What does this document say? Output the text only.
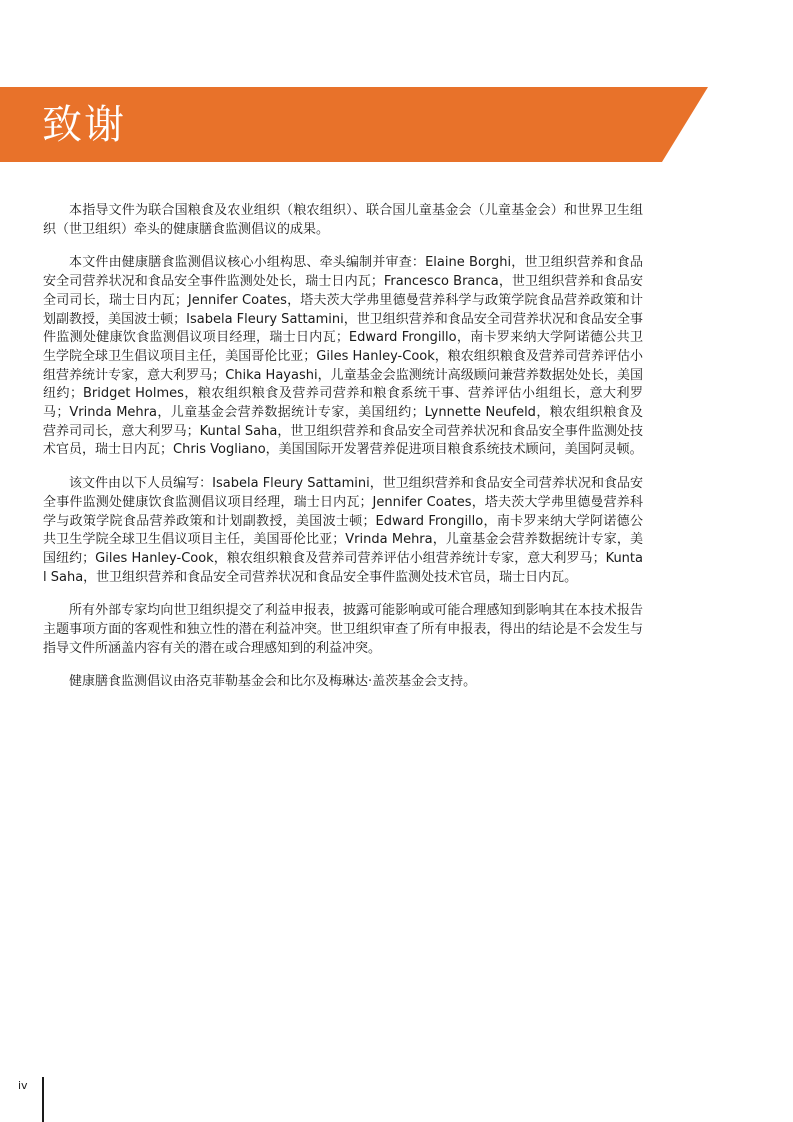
致谢

本指导文件为联合国粮食及农业组织（粮农组织）、联合国儿童基金会（儿童基金会）和世界卫生组织（世卫组织）牵头的健康膳食监测倡议的成果。

本文件由健康膳食监测倡议核心小组构思、牵头编制并审查：Elaine Borghi，世卫组织营养和食品安全司营养状况和食品安全事件监测处处长，瑞士日内瓦；Francesco Branca，世卫组织营养和食品安全司司长，瑞士日内瓦；Jennifer Coates，塔夫茨大学弗里德曼营养科学与政策学院食品营养政策和计划副教授，美国波士顿；Isabela Fleury Sattamini，世卫组织营养和食品安全司营养状况和食品安全事件监测处健康饮食监测倡议项目经理，瑞士日内瓦；Edward Frongillo，南卡罗来纳大学阿诺德公共卫生学院全球卫生倡议项目主任，美国哥伦比亚；Giles Hanley-Cook，粮农组织粮食及营养司营养评估小组营养统计专家，意大利罗马；Chika Hayashi，儿童基金会监测统计高级顾问兼营养数据处处长，美国纽约；Bridget Holmes，粮农组织粮食及营养司营养和粮食系统干事、营养评估小组组长，意大利罗马；Vrinda Mehra，儿童基金会营养数据统计专家，美国纽约；Lynnette Neufeld，粮农组织粮食及营养司司长，意大利罗马；Kuntal Saha，世卫组织营养和食品安全司营养状况和食品安全事件监测处技术官员，瑞士日内瓦；Chris Vogliano，美国国际开发署营养促进项目粮食系统技术顾问，美国阿灵顿。

该文件由以下人员编写：Isabela Fleury Sattamini，世卫组织营养和食品安全司营养状况和食品安全事件监测处健康饮食监测倡议项目经理，瑞士日内瓦；Jennifer Coates，塔夫茨大学弗里德曼营养科学与政策学院食品营养政策和计划副教授，美国波士顿；Edward Frongillo，南卡罗来纳大学阿诺德公共卫生学院全球卫生倡议项目主任，美国哥伦比亚；Vrinda Mehra，儿童基金会营养数据统计专家，美国纽约；Giles Hanley-Cook，粮农组织粮食及营养司营养评估小组营养统计专家，意大利罗马；Kuntal Saha，世卫组织营养和食品安全司营养状况和食品安全事件监测处技术官员，瑞士日内瓦。

所有外部专家均向世卫组织提交了利益申报表，披露可能影响或可能合理感知到影响其在本技术报告主题事项方面的客观性和独立性的潜在利益冲突。世卫组织审查了所有申报表，得出的结论是不会发生与指导文件所涵盖内容有关的潜在或合理感知到的利益冲突。

健康膳食监测倡议由洛克菲勒基金会和比尔及梅琳达·盖茨基金会支持。

iv
